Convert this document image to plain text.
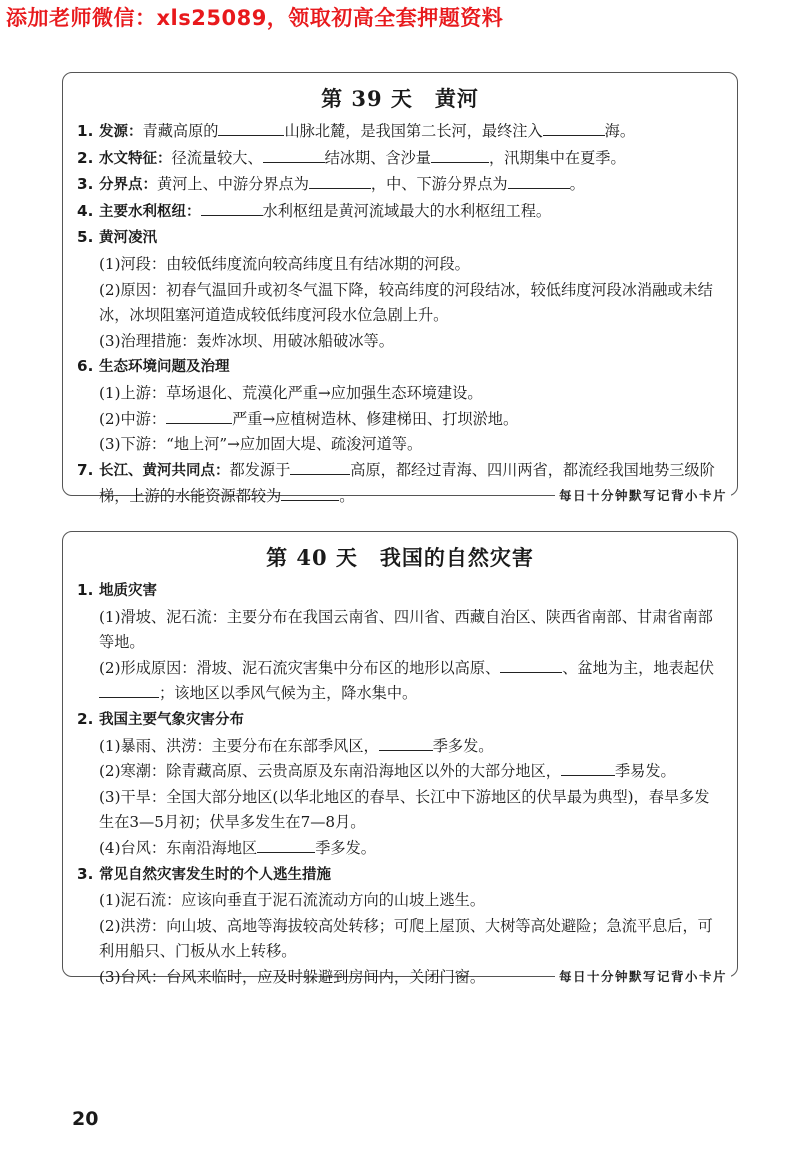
添加老师微信：xls25089，领取初高全套押题资料
第 39 天 黄河
1. 发源：青藏高原的	山脉北麓，是我国第二长河，最终注入	海。
2. 水文特征：径流量较大、	结冰期、含沙量	，汛期集中在夏季。
3. 分界点：黄河上、中游分界点为	，中、下游分界点为	。
4. 主要水利枢纽：	水利枢纽是黄河流域最大的水利枢纽工程。
5. 黄河凌汛
(1)河段：由较低纬度流向较高纬度且有结冰期的河段。
(2)原因：初春气温回升或初冬气温下降，较高纬度的河段结冰，较低纬度河段冰消融或未结冰，冰坝阻塞河道造成较低纬度河段水位急剧上升。
(3)治理措施：轰炸冰坝、用破冰船破冰等。
6. 生态环境问题及治理
(1)上游：草场退化、荒漠化严重→应加强生态环境建设。
(2)中游：	严重→应植树造林、修建梯田、打坝淤地。
(3)下游：“地上河”→应加固大堤、疏浚河道等。
7. 长江、黄河共同点：都发源于	高原，都经过青海、四川两省，都流经我国地势三级阶
梯，上游的水能资源都较为	。	每日十分钟默写记背小卡片
第 40 天 我国的自然灾害
1. 地质灾害
(1)滑坡、泥石流：主要分布在我国云南省、四川省、西藏自治区、陕西省南部、甘肃省南部等地。
(2)形成原因：滑坡、泥石流灾害集中分布区的地形以高原、	、盆地为主，地表起伏
；该地区以季风气候为主，降水集中。
2. 我国主要气象灾害分布
(1)暴雨、洪涝：主要分布在东部季风区，	季多发。
(2)寒潮：除青藏高原、云贵高原及东南沿海地区以外的大部分地区，	季易发。
(3)干旱：全国大部分地区(以华北地区的春旱、长江中下游地区的伏旱最为典型)，春旱多发生在3—5月初；伏旱多发生在7—8月。
(4)台风：东南沿海地区	季多发。
3. 常见自然灾害发生时的个人逃生措施
(1)泥石流：应该向垂直于泥石流流动方向的山坡上逃生。
(2)洪涝：向山坡、高地等海拔较高处转移；可爬上屋顶、大树等高处避险；急流平息后，可利用船只、门板从水上转移。
(3)台风：台风来临时，应及时躲避到房间内，关闭门窗。	每日十分钟默写记背小卡片
20
